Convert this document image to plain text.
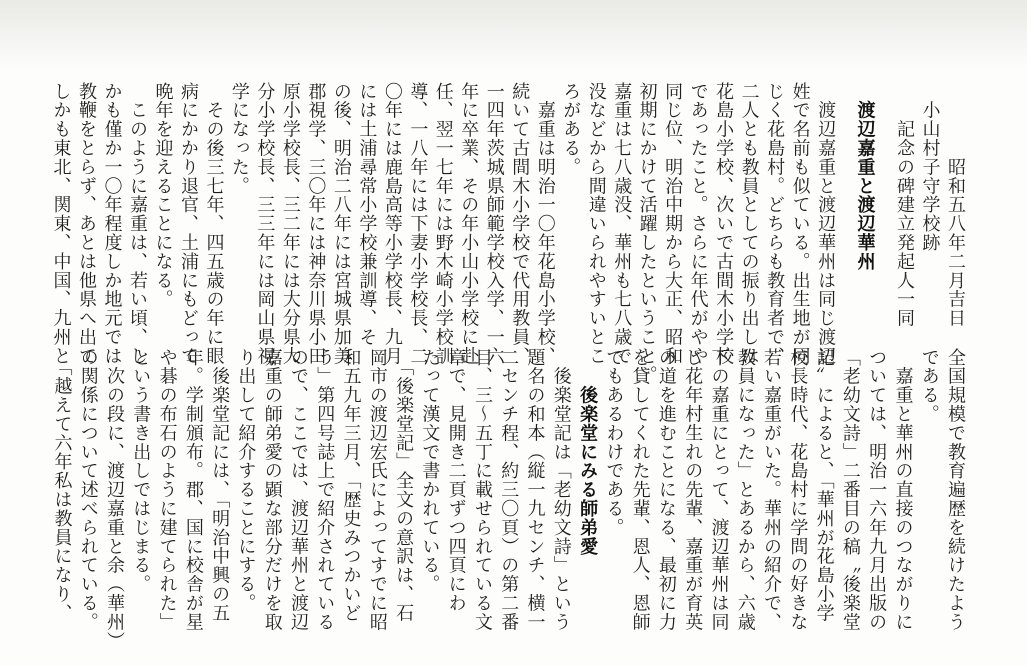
　　　　昭和五八年二月吉日
　小山村子守学校跡
　　記念の碑建立発起人一同
　渡辺嘉重と渡辺華州
　渡辺嘉重と渡辺華州は同じ渡辺
姓で名前も似ている。出生地が同
じく花島村。どちらも教育者で、
二人とも教員としての振り出しは
花島小学校、次いで古間木小学校
であったこと。さらに年代がやや
同じ位、明治中期から大正、昭和
初期にかけて活躍したということ。
嘉重は七八歳没、華州も七八歳で
没などから間違いられやすいとこ
ろがある。
　嘉重は明治一〇年花島小学校、
続いて古間木小学校で代用教員、
一四年茨城県師範学校入学、一六
年に卒業、その年小山小学校に赴
任、翌一七年には野木崎小学校訓
導、一八年には下妻小学校長、二
〇年には鹿島高等小学校長、九月
には土浦尋常小学校兼訓導、そ
の後、明治二八年には宮城県加美
郡視学、三〇年には神奈川県小田
原小学校長、三二年には大分県大
分小学校長、三三年には岡山県視
学になった。
　その後三七年、四五歳の年に眼
病にかかり退官、土浦にもどって
晩年を迎えることになる。
　このように嘉重は、若い頃、し
かも僅か一〇年程度しか地元では
教鞭をとらず、あとは他県へ出て
しかも東北、関東、中国、九州と
全国規模で教育遍歴を続けたよう
である。
　嘉重と華州の直接のつながりに
ついては、明治一六年九月出版の
「老幼文詩」二番目の稿〝後楽堂
記〟によると、「華州が花島小学
校長時代、花島村に学問の好きな
若い嘉重がいた。華州の紹介で、
教員になった」とあるから、六歳
下の嘉重にとって、渡辺華州は同
じ花年村生れの先輩、嘉重が育英
の道を進むことになる、最初に力
を貸してくれた先輩、恩人、恩師
でもあるわけである。
　　後楽堂にみる師弟愛
　後楽堂記は「老幼文詩」という
題名の和本（縦一九センチ、横一
二センチ程、約三〇頁）の第二番
目、三～五丁に載せられている文
章で、見開き二頁ずつ四頁にわ
たって漢文で書かれている。
　「後楽堂記」全文の意訳は、石
岡市の渡辺宏氏によってすでに昭
和五九年三月、「歴史みつかいど
う」第四号誌上で紹介されている
ので、ここでは、渡辺華州と渡辺
嘉重の師弟愛の顕な部分だけを取
り出して紹介することにする。
　後楽堂記には、「明治中興の五
年。学制頒布。郡、国に校舎が星
や碁の布石のように建てられた」
という書き出しではじまる。
　次の段に、渡辺嘉重と余（華州）
の関係について述べられている。
　「越えて六年私は教員になり、
